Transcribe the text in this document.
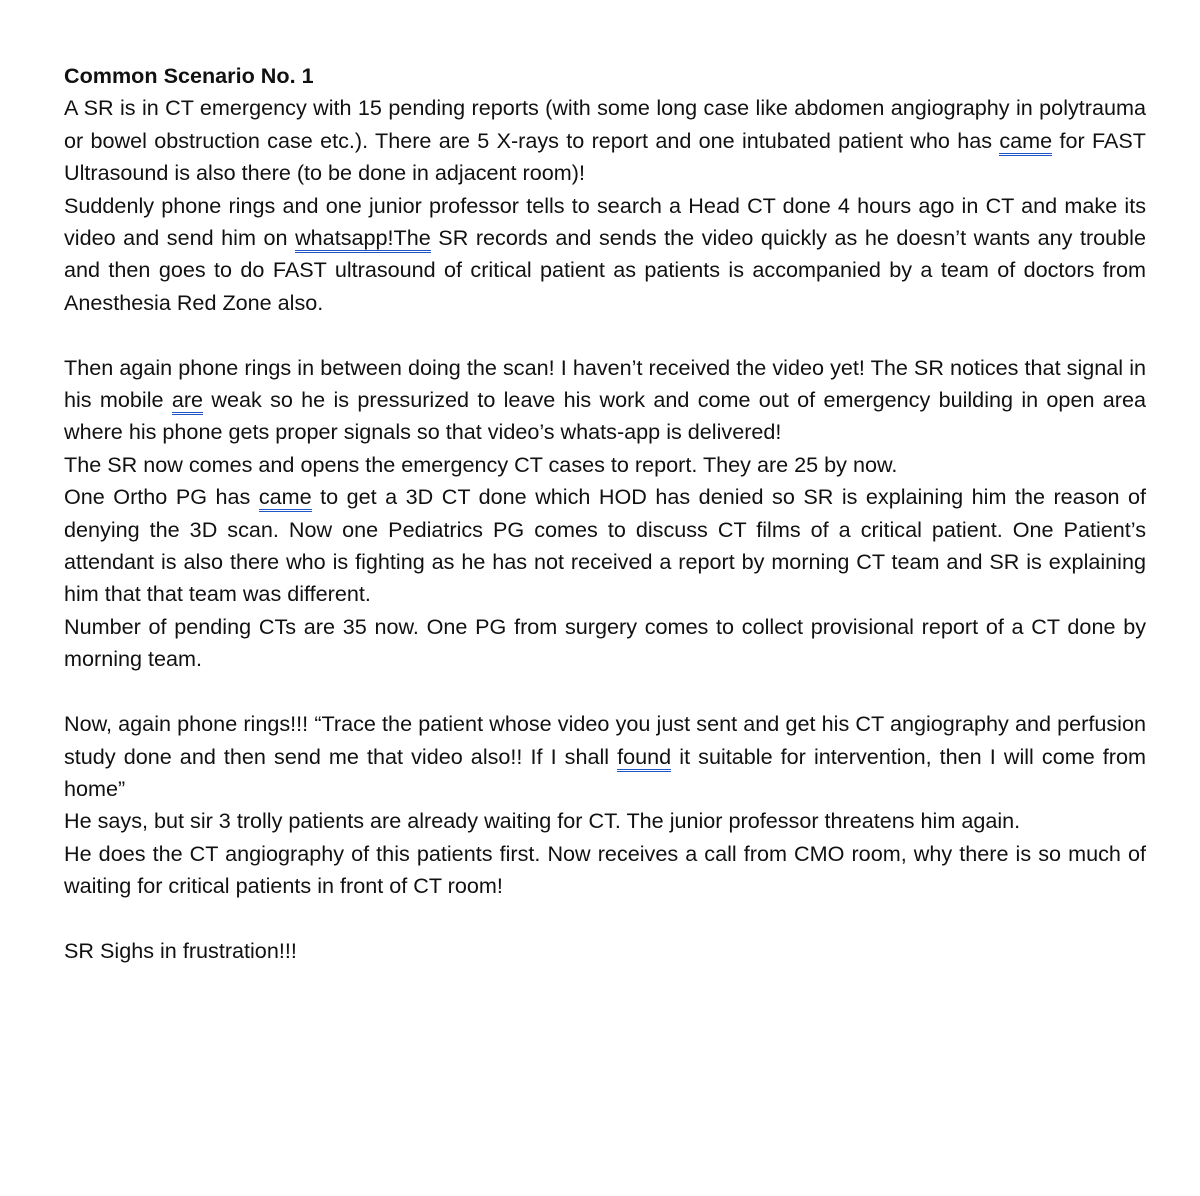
Common Scenario No. 1

A SR is in CT emergency with 15 pending reports (with some long case like abdomen angiography in polytrauma or bowel obstruction case etc.). There are 5 X-rays to report and one intubated patient who has came for FAST Ultrasound is also there (to be done in adjacent room)!

Suddenly phone rings and one junior professor tells to search a Head CT done 4 hours ago in CT and make its video and send him on whatsapp!The SR records and sends the video quickly as he doesn’t wants any trouble and then goes to do FAST ultrasound of critical patient as patients is accompanied by a team of doctors from Anesthesia Red Zone also.

Then again phone rings in between doing the scan! I haven’t received the video yet! The SR notices that signal in his mobile are weak so he is pressurized to leave his work and come out of emergency building in open area where his phone gets proper signals so that video’s whats-app is delivered!

The SR now comes and opens the emergency CT cases to report. They are 25 by now.

One Ortho PG has came to get a 3D CT done which HOD has denied so SR is explaining him the reason of denying the 3D scan. Now one Pediatrics PG comes to discuss CT films of a critical patient. One Patient’s attendant is also there who is fighting as he has not received a report by morning CT team and SR is explaining him that that team was different.

Number of pending CTs are 35 now. One PG from surgery comes to collect provisional report of a CT done by morning team.

Now, again phone rings!!! “Trace the patient whose video you just sent and get his CT angiography and perfusion study done and then send me that video also!! If I shall found it suitable for intervention, then I will come from home”

He says, but sir 3 trolly patients are already waiting for CT. The junior professor threatens him again.

He does the CT angiography of this patients first. Now receives a call from CMO room, why there is so much of waiting for critical patients in front of CT room!

SR Sighs in frustration!!!
